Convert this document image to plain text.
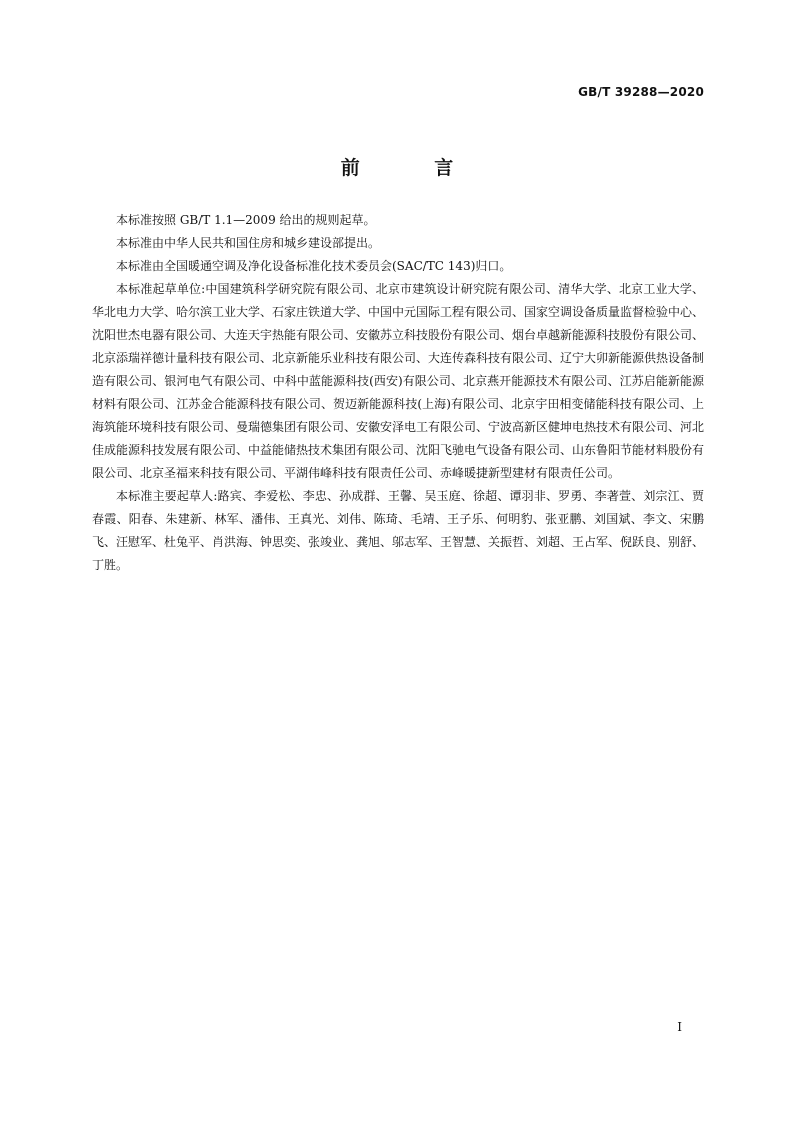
GB/T 39288—2020
前 言

本标准按照 GB/T 1.1—2009 给出的规则起草。

本标准由中华人民共和国住房和城乡建设部提出。

本标准由全国暖通空调及净化设备标准化技术委员会(SAC/TC 143)归口。

本标准起草单位:中国建筑科学研究院有限公司、北京市建筑设计研究院有限公司、清华大学、北京工业大学、华北电力大学、哈尔滨工业大学、石家庄铁道大学、中国中元国际工程有限公司、国家空调设备质量监督检验中心、沈阳世杰电器有限公司、大连天宇热能有限公司、安徽苏立科技股份有限公司、烟台卓越新能源科技股份有限公司、北京添瑞祥德计量科技有限公司、北京新能乐业科技有限公司、大连传森科技有限公司、辽宁大卯新能源供热设备制造有限公司、银河电气有限公司、中科中蓝能源科技(西安)有限公司、北京燕开能源技术有限公司、江苏启能新能源材料有限公司、江苏金合能源科技有限公司、贺迈新能源科技(上海)有限公司、北京宇田相变储能科技有限公司、上海筑能环境科技有限公司、曼瑞德集团有限公司、安徽安泽电工有限公司、宁波高新区健坤电热技术有限公司、河北佳成能源科技发展有限公司、中益能储热技术集团有限公司、沈阳飞驰电气设备有限公司、山东鲁阳节能材料股份有限公司、北京圣福来科技有限公司、平湖伟峰科技有限责任公司、赤峰暖捷新型建材有限责任公司。

本标准主要起草人:路宾、李爱松、李忠、孙成群、王馨、吴玉庭、徐超、谭羽非、罗勇、李著萱、刘宗江、贾春霞、阳春、朱建新、林军、潘伟、王真光、刘伟、陈琦、毛靖、王子乐、何明豹、张亚鹏、刘国斌、李文、宋鹏飞、汪慰军、杜兔平、肖洪海、钟思奕、张竣业、龚旭、邬志军、王智慧、关振哲、刘超、王占军、倪跃良、别舒、丁胜。

I
